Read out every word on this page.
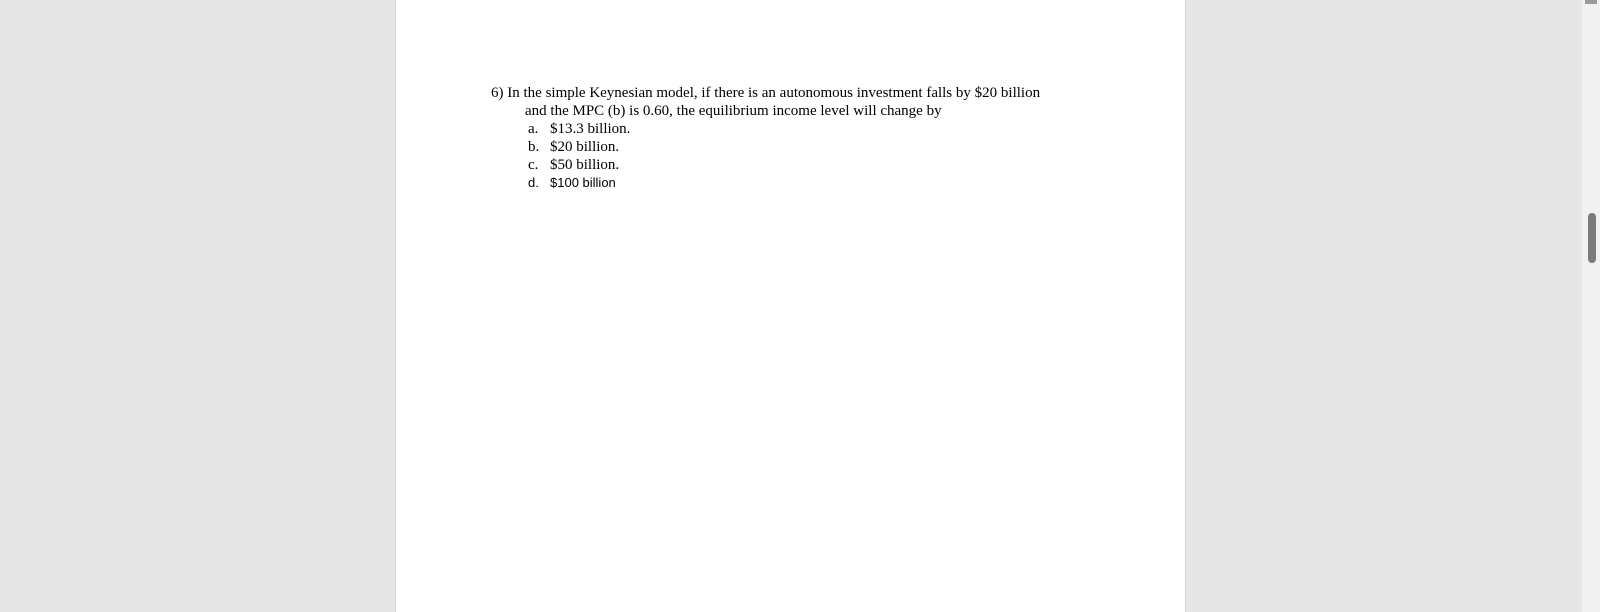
6) In the simple Keynesian model, if there is an autonomous investment falls by $20 billion
and the MPC (b) is 0.60, the equilibrium income level will change by
a. $13.3 billion.
b. $20 billion.
c. $50 billion.
d. $100 billion
